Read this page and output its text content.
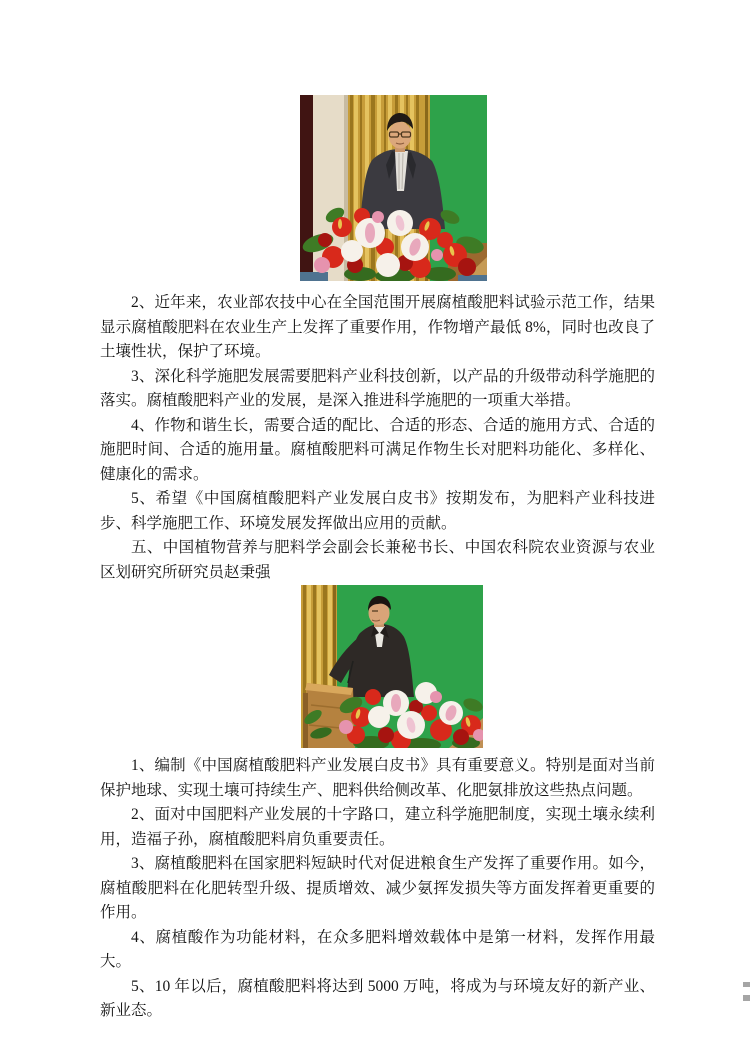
2、近年来，农业部农技中心在全国范围开展腐植酸肥料试验示范工作，结果显示腐植酸肥料在农业生产上发挥了重要作用，作物增产最低 8%，同时也改良了土壤性状，保护了环境。

3、深化科学施肥发展需要肥料产业科技创新，以产品的升级带动科学施肥的落实。腐植酸肥料产业的发展，是深入推进科学施肥的一项重大举措。

4、作物和谐生长，需要合适的配比、合适的形态、合适的施用方式、合适的施肥时间、合适的施用量。腐植酸肥料可满足作物生长对肥料功能化、多样化、健康化的需求。

5、希望《中国腐植酸肥料产业发展白皮书》按期发布，为肥料产业科技进步、科学施肥工作、环境发展发挥做出应用的贡献。

五、中国植物营养与肥料学会副会长兼秘书长、中国农科院农业资源与农业区划研究所研究员赵秉强

1、编制《中国腐植酸肥料产业发展白皮书》具有重要意义。特别是面对当前保护地球、实现土壤可持续生产、肥料供给侧改革、化肥氨排放这些热点问题。

2、面对中国肥料产业发展的十字路口，建立科学施肥制度，实现土壤永续利用，造福子孙，腐植酸肥料肩负重要责任。

3、腐植酸肥料在国家肥料短缺时代对促进粮食生产发挥了重要作用。如今，腐植酸肥料在化肥转型升级、提质增效、减少氨挥发损失等方面发挥着更重要的作用。

4、腐植酸作为功能材料，在众多肥料增效载体中是第一材料，发挥作用最大。

5、10 年以后，腐植酸肥料将达到 5000 万吨，将成为与环境友好的新产业、新业态。
